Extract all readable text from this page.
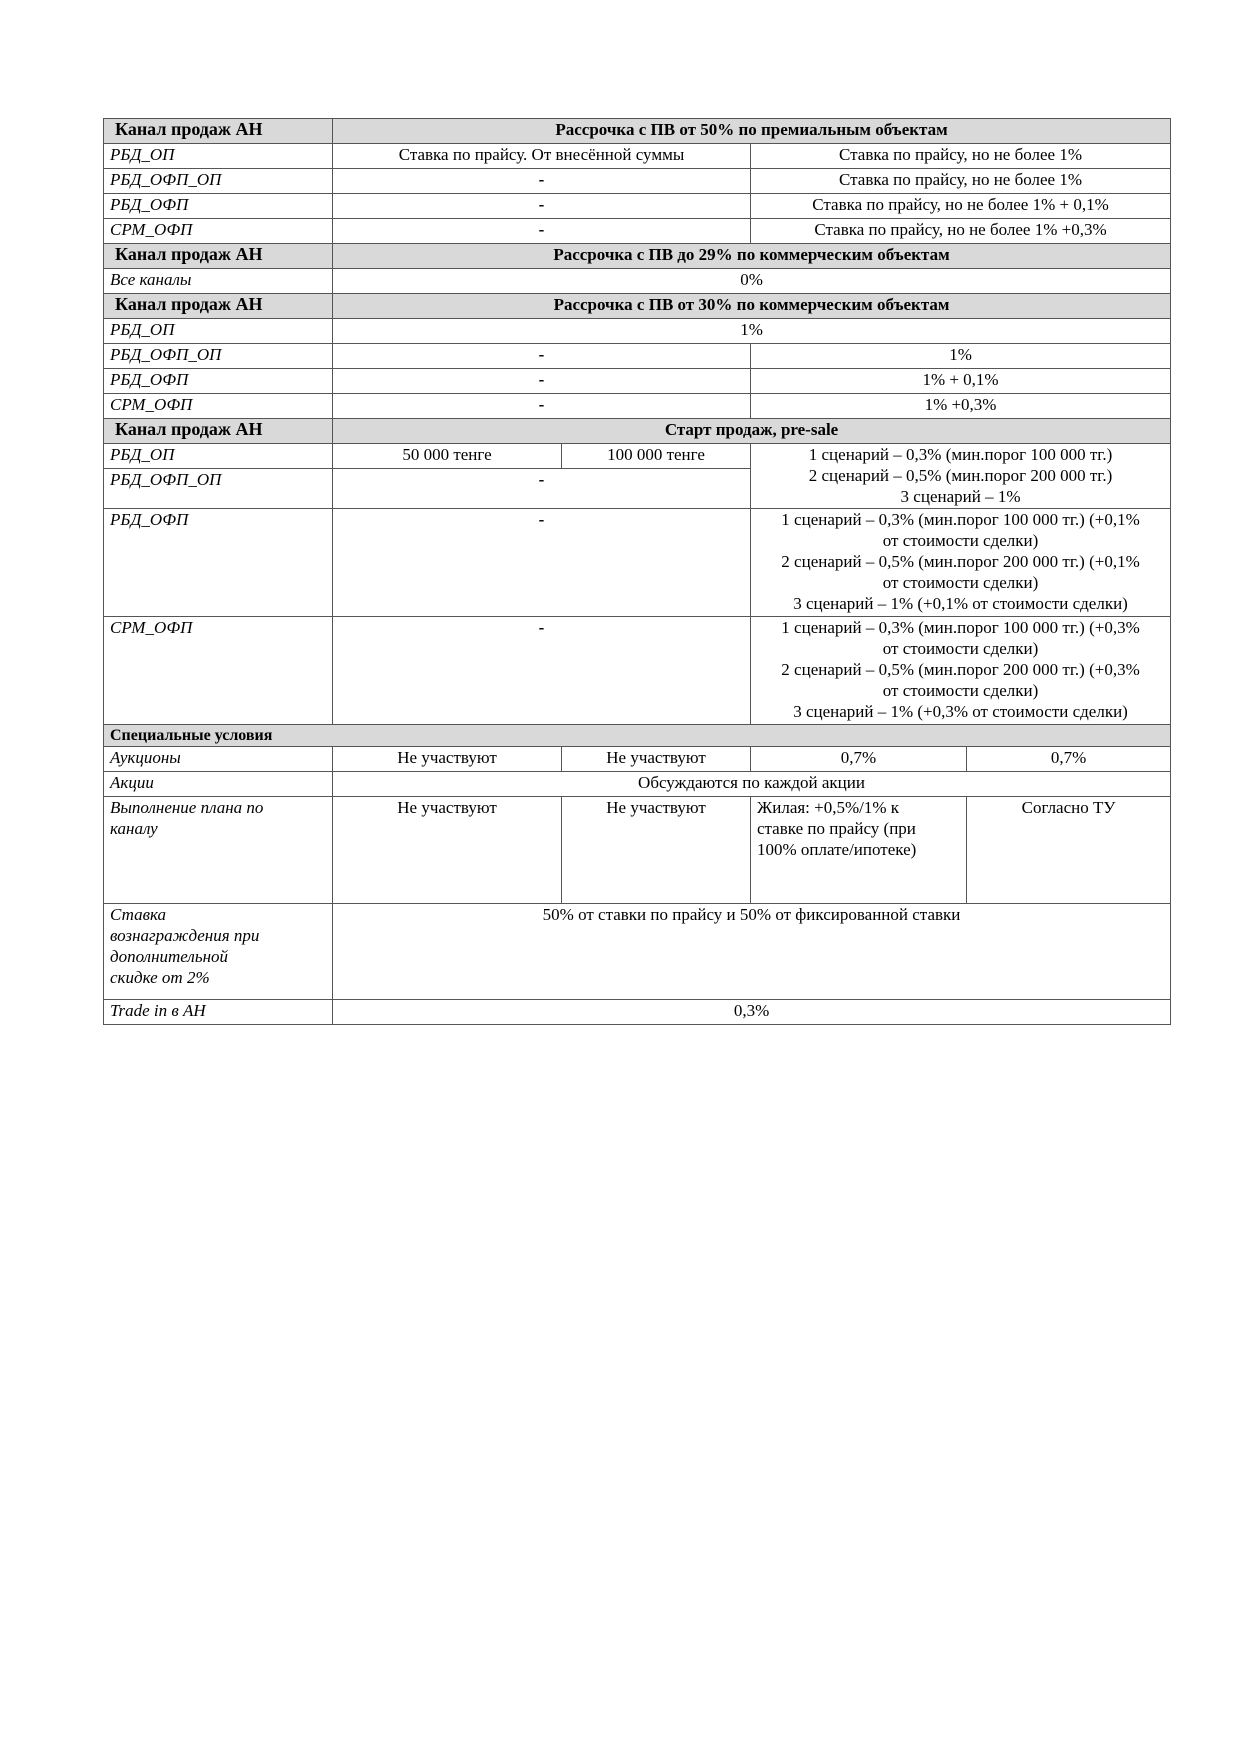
Канал продаж АН	Рассрочка с ПВ от 50% по премиальным объектам			
РБД_ОП	Ставка по прайсу. От внесённой суммы		Ставка по прайсу, но не более 1%	
РБД_ОФП_ОП	-		Ставка по прайсу, но не более 1%	
РБД_ОФП	-		Ставка по прайсу, но не более 1% + 0,1%	
СРМ_ОФП	-		Ставка по прайсу, но не более 1% +0,3%	
Канал продаж АН	Рассрочка с ПВ до 29% по коммерческим объектам			
Все каналы	0%			
Канал продаж АН	Рассрочка с ПВ от 30% по коммерческим объектам			
РБД_ОП	1%			
РБД_ОФП_ОП	-		1%	
РБД_ОФП	-		1% + 0,1%	
СРМ_ОФП	-		1% +0,3%	
Канал продаж АН	Старт продаж, pre-sale			
РБД_ОП	50 000 тенге	100 000 тенге	1 сценарий – 0,3% (мин.порог 100 000 тг.)
2 сценарий – 0,5% (мин.порог 200 000 тг.)
3 сценарий – 1%	

РБД_ОФП_ОП	-			
РБД_ОФП	-		1 сценарий – 0,3% (мин.порог 100 000 тг.) (+0,1%
от стоимости сделки)
2 сценарий – 0,5% (мин.порог 200 000 тг.) (+0,1%
от стоимости сделки)
3 сценарий – 1% (+0,1% от стоимости сделки)	

СРМ_ОФП	-		1 сценарий – 0,3% (мин.порог 100 000 тг.) (+0,3%
от стоимости сделки)
2 сценарий – 0,5% (мин.порог 200 000 тг.) (+0,3%
от стоимости сделки)
3 сценарий – 1% (+0,3% от стоимости сделки)	

Специальные условия				
Аукционы	Не участвуют	Не участвуют	0,7%	0,7%
Акции	Обсуждаются по каждой акции			

Выполнение плана по
каналу	Не участвуют	Не участвуют	Жилая: +0,5%/1% к
ставке по прайсу (при
100% оплате/ипотеке)	Согласно ТУ

Ставка
вознаграждения при
дополнительной
скидке от 2%	50% от ставки по прайсу и 50% от фиксированной ставки			
Trade in в АН	0,3%			
